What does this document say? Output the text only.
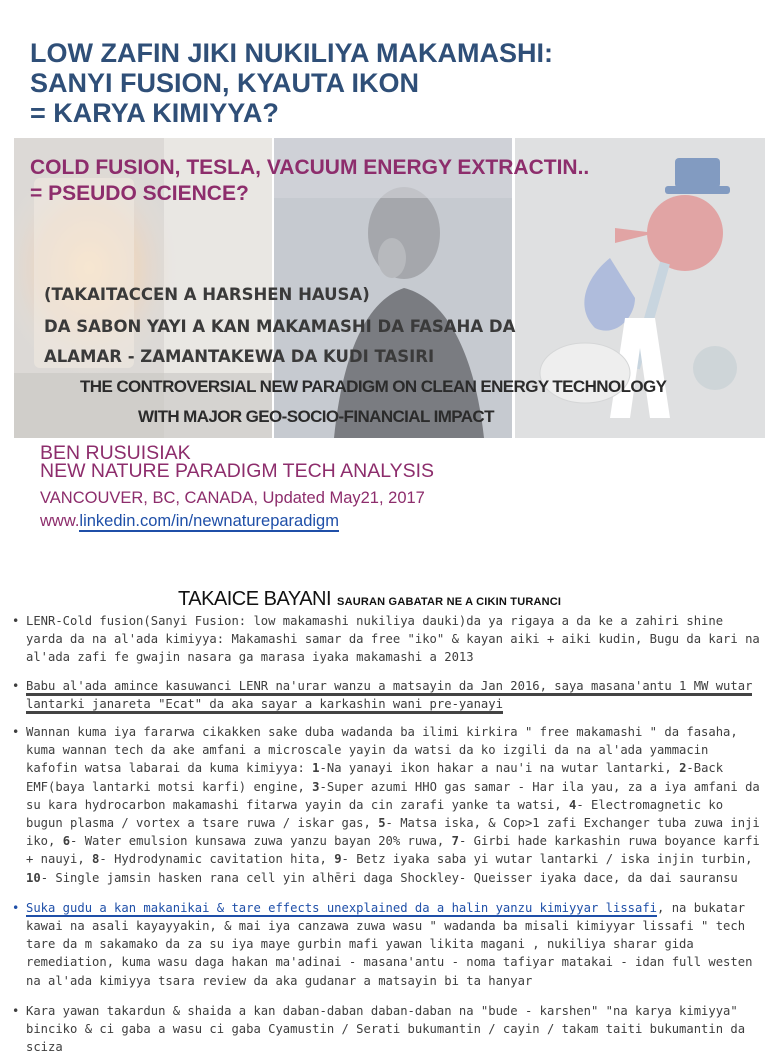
LOW ZAFIN JIKI NUKILIYA MAKAMASHI:
SANYI FUSION, KYAUTA IKON
= KARYA KIMIYYA?
COLD FUSION, TESLA, VACUUM ENERGY EXTRACTIN..
= PSEUDO SCIENCE?
(TAKAITACCEN A HARSHEN HAUSA)
DA SABON YAYI A KAN MAKAMASHI DA FASAHA DA
ALAMAR - ZAMANTAKEWA DA KUDI TASIRI
THE CONTROVERSIAL NEW PARADIGM ON CLEAN ENERGY TECHNOLOGY
WITH MAJOR GEO-SOCIO-FINANCIAL IMPACT
BEN RUSUISIAK
NEW NATURE PARADIGM TECH ANALYSIS
VANCOUVER, BC, CANADA, Updated May21, 2017
www.linkedin.com/in/newnatureparadigm
TAKAICE BAYANI SAURAN GABATAR NE A CIKIN TURANCI

• LENR-Cold fusion(Sanyi Fusion: low makamashi nukiliya dauki)da ya rigaya a da ke a zahiri shine yarda da na al'ada kimiyya: Makamashi samar da free "iko" & kayan aiki + aiki kudin, Bugu da kari na al'ada zafi fe gwajin nasara ga marasa iyaka makamashi a 2013

• Babu al'ada amince kasuwanci LENR na'urar wanzu a matsayin da Jan 2016, saya masana'antu 1 MW wutar lantarki janareta "Ecat" da aka sayar a karkashin wani pre-yanayi

• Wannan kuma iya fararwa cikakken sake duba wadanda ba ilimi kirkira " free makamashi " da fasaha, kuma wannan tech da ake amfani a microscale yayin da watsi da ko izgili da na al'ada yammacin kafofin watsa labarai da kuma kimiyya: 1-Na yanayi ikon hakar a nau'i na wutar lantarki, 2-Back EMF(baya lantarki motsi karfi) engine, 3-Super azumi HHO gas samar - Har ila yau, za a iya amfani da su kara hydrocarbon makamashi fitarwa yayin da cin zarafi yanke ta watsi, 4- Electromagnetic ko bugun plasma / vortex a tsare ruwa / iskar gas, 5- Matsa iska, & Cop>1 zafi Exchanger tuba zuwa inji iko, 6- Water emulsion kunsawa zuwa yanzu bayan 20% ruwa, 7- Girbi hade karkashin ruwa boyance karfi + nauyi, 8- Hydrodynamic cavitation hita, 9- Betz iyaka saba yi wutar lantarki / iska injin turbin, 10- Single jamsin hasken rana cell yin alhēri daga Shockley- Queisser iyaka dace, da dai sauransu

• Suka gudu a kan makanikai & tare effects unexplained da a halin yanzu kimiyyar lissafi, na bukatar kawai na asali kayayyakin, & mai iya canzawa zuwa wasu " wadanda ba misali kimiyyar lissafi " tech tare da m sakamako da za su iya maye gurbin mafi yawan likita magani , nukiliya sharar gida remediation, kuma wasu daga hakan ma'adinai - masana'antu - noma tafiyar matakai - idan full westen na al'ada kimiyya tsara review da aka gudanar a matsayin bi ta hanyar

• Kara yawan takardun & shaida a kan daban-daban daban-daban na "bude - karshen" "na karya kimiyya" binciko & ci gaba a wasu ci gaba Cyamustin / Serati bukumantin / cayin / takam taiti bukumantin da sciza
